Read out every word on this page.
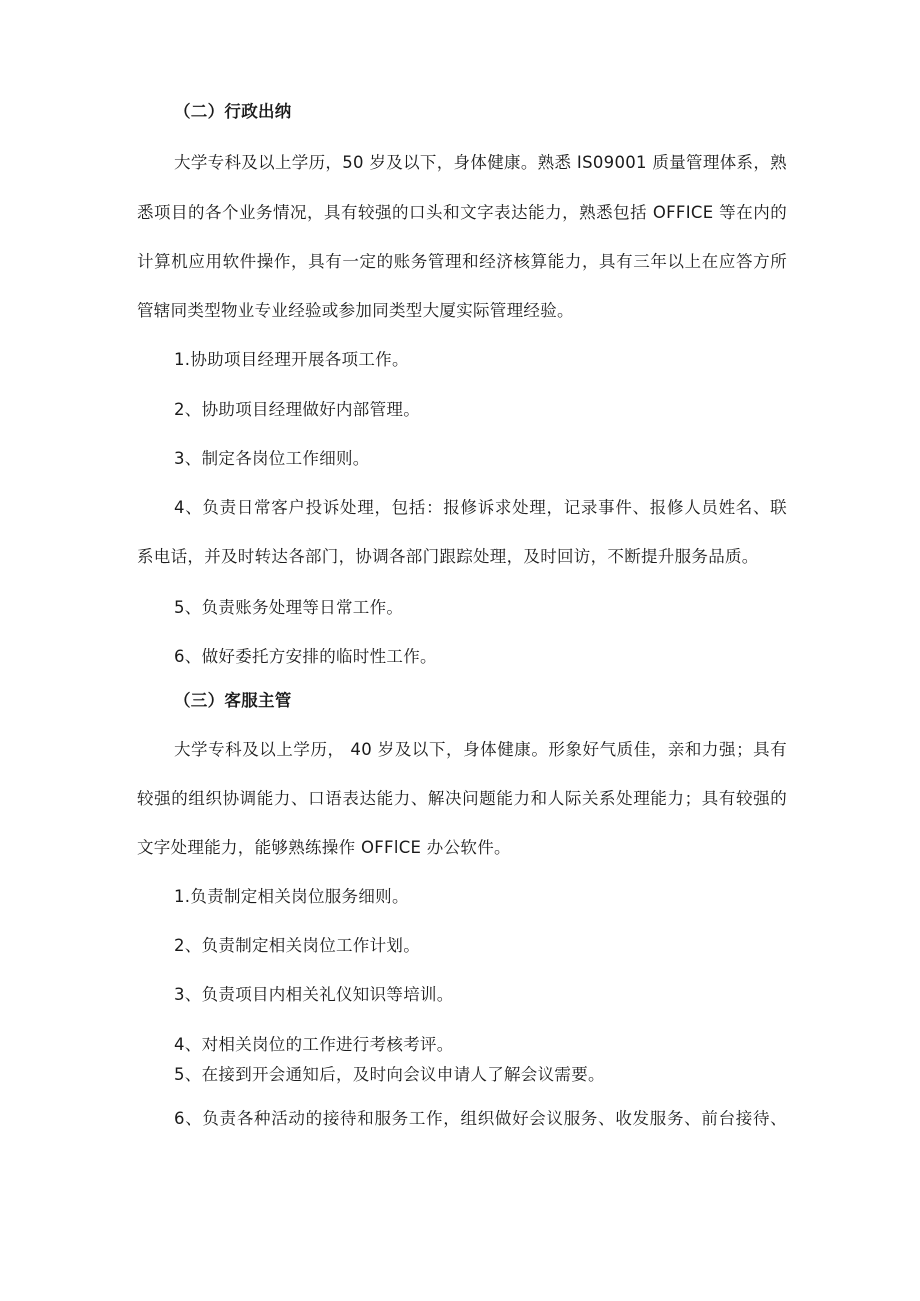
（二）行政出纳

大学专科及以上学历，50 岁及以下，身体健康。熟悉 IS09001 质量管理体系，熟

悉项目的各个业务情况，具有较强的口头和文字表达能力，熟悉包括 OFFICE 等在内的

计算机应用软件操作，具有一定的账务管理和经济核算能力，具有三年以上在应答方所

管辖同类型物业专业经验或参加同类型大厦实际管理经验。

1.协助项目经理开展各项工作。

2、协助项目经理做好内部管理。

3、制定各岗位工作细则。

4、负责日常客户投诉处理，包括：报修诉求处理，记录事件、报修人员姓名、联

系电话，并及时转达各部门，协调各部门跟踪处理，及时回访，不断提升服务品质。

5、负责账务处理等日常工作。

6、做好委托方安排的临时性工作。

（三）客服主管

大学专科及以上学历， 40 岁及以下，身体健康。形象好气质佳，亲和力强；具有

较强的组织协调能力、口语表达能力、解决问题能力和人际关系处理能力；具有较强的

文字处理能力，能够熟练操作 OFFlCE 办公软件。

1.负责制定相关岗位服务细则。

2、负责制定相关岗位工作计划。

3、负责项目内相关礼仪知识等培训。

4、对相关岗位的工作进行考核考评。

5、在接到开会通知后，及时向会议申请人了解会议需要。

6、负责各种活动的接待和服务工作，组织做好会议服务、收发服务、前台接待、
